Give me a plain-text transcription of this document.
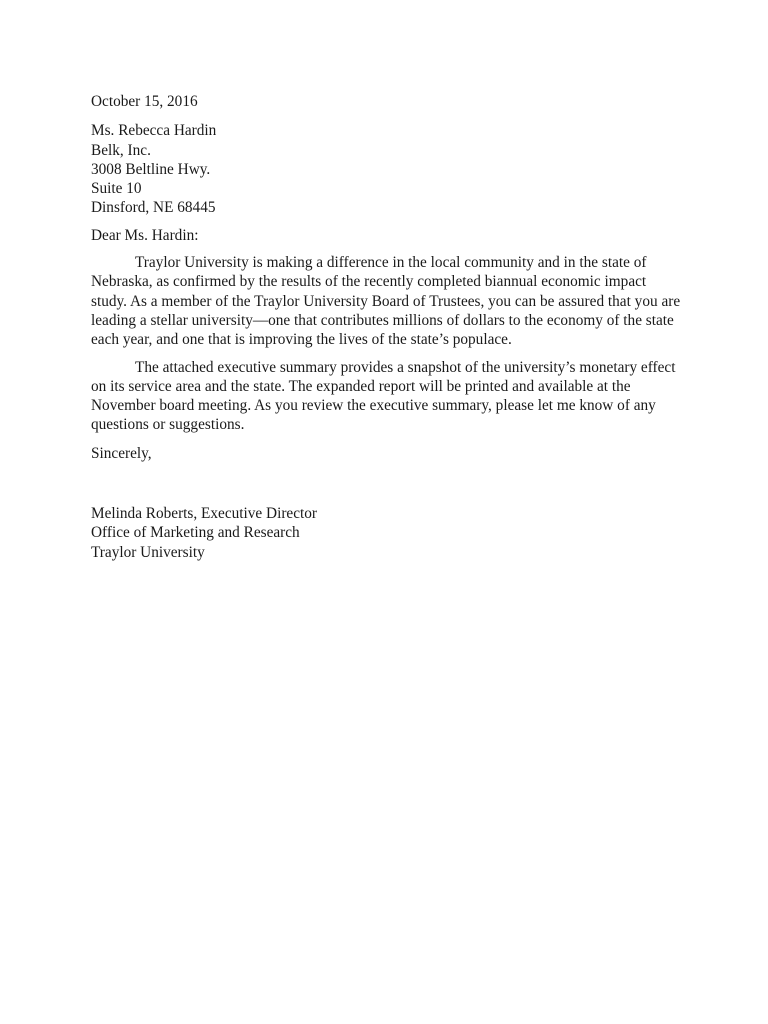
October 15, 2016

Ms. Rebecca Hardin
Belk, Inc.
3008 Beltline Hwy.
Suite 10
Dinsford, NE 68445
Dear Ms. Hardin:
Traylor University is making a difference in the local community and in the state of Nebraska, as confirmed by the results of the recently completed biannual economic impact study. As a member of the Traylor University Board of Trustees, you can be assured that you are leading a stellar university—one that contributes millions of dollars to the economy of the state each year, and one that is improving the lives of the state’s populace.
The attached executive summary provides a snapshot of the university’s monetary effect on its service area and the state. The expanded report will be printed and available at the November board meeting. As you review the executive summary, please let me know of any questions or suggestions.
Sincerely,
Melinda Roberts, Executive Director
Office of Marketing and Research
Traylor University
